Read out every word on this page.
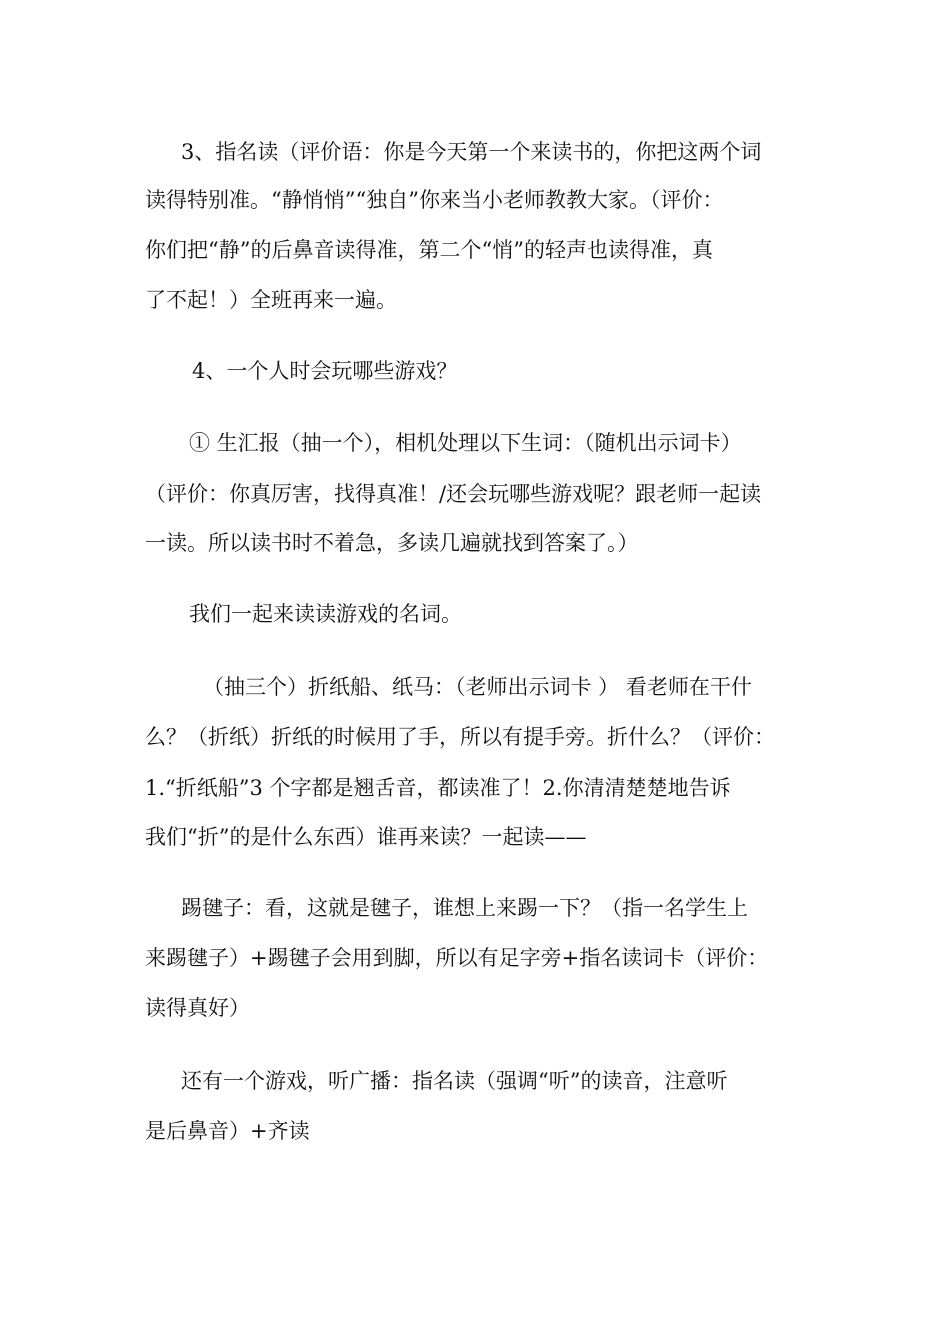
3、指名读（评价语：你是今天第一个来读书的，你把这两个词
读得特别准。“静悄悄”“独自”你来当小老师教教大家。（评价：
你们把“静”的后鼻音读得准，第二个“悄”的轻声也读得准，真
了不起！）全班再来一遍。
4、一个人时会玩哪些游戏？
① 生汇报（抽一个），相机处理以下生词：（随机出示词卡）
（评价：你真厉害，找得真准！/还会玩哪些游戏呢？跟老师一起读
一读。所以读书时不着急，多读几遍就找到答案了。）
我们一起来读读游戏的名词。
（抽三个）折纸船、纸马：（老师出示词卡 ） 看老师在干什
么？（折纸）折纸的时候用了手，所以有提手旁。折什么？（评价：
1.“折纸船”3 个字都是翘舌音，都读准了！2.你清清楚楚地告诉
我们“折”的是什么东西）谁再来读？一起读——
踢毽子：看，这就是毽子，谁想上来踢一下？（指一名学生上
来踢毽子）+踢毽子会用到脚，所以有足字旁+指名读词卡（评价：
读得真好）
还有一个游戏，听广播：指名读（强调“听”的读音，注意听
是后鼻音）+齐读
